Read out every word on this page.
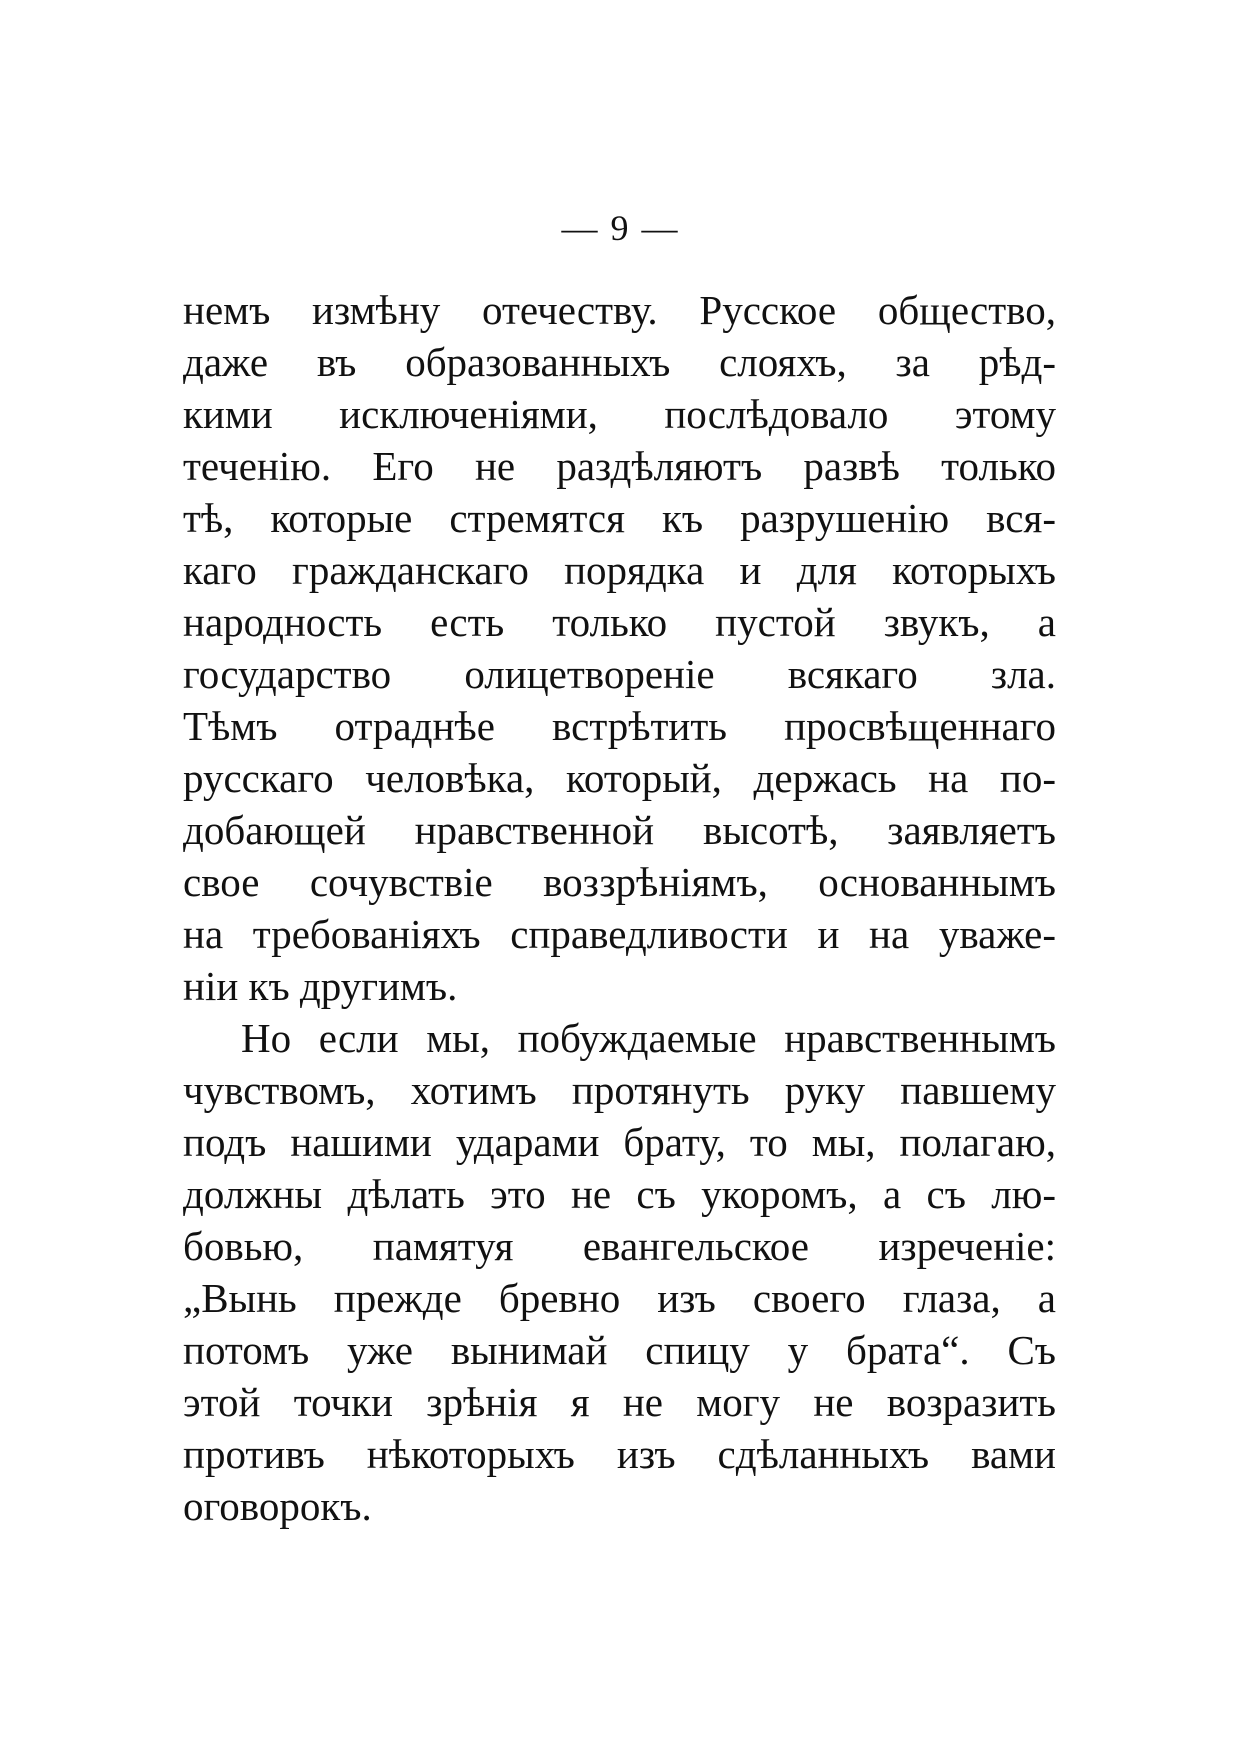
— 9 —
немъ измѣну отечеству. Русское общество,
даже въ образованныхъ слояхъ, за рѣд-
кими исключеніями, послѣдовало этому
теченію. Его не раздѣляютъ развѣ только
тѣ, которые стремятся къ разрушенію вся-
каго гражданскаго порядка и для которыхъ
народность есть только пустой звукъ, а
государство олицетвореніе всякаго зла.
Тѣмъ отраднѣе встрѣтить просвѣщеннаго
русскаго человѣка, который, держась на по-
добающей нравственной высотѣ, заявляетъ
свое сочувствіе воззрѣніямъ, основаннымъ
на требованіяхъ справедливости и на уваже-
ніи къ другимъ.
Но если мы, побуждаемые нравственнымъ
чувствомъ, хотимъ протянуть руку павшему
подъ нашими ударами брату, то мы, полагаю,
должны дѣлать это не съ укоромъ, а съ лю-
бовью, памятуя евангельское изреченіе:
„Вынь прежде бревно изъ своего глаза, а
потомъ уже вынимай спицу у брата“. Съ
этой точки зрѣнія я не могу не возразить
противъ нѣкоторыхъ изъ сдѣланныхъ вами
оговорокъ.
